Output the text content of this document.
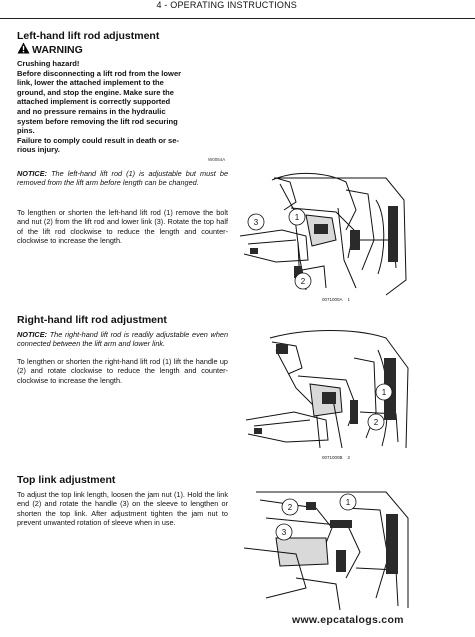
4 - OPERATING INSTRUCTIONS
Left-hand lift rod adjustment
WARNING
Crushing hazard!
Before disconnecting a lift rod from the lower
link, lower the attached implement to the
ground, and stop the engine. Make sure the
attached implement is correctly supported
and no pressure remains in the hydraulic
system before removing the lift rod securing
pins.
Failure to comply could result in death or se-
rious injury.
W0054A
NOTICE: The left-hand lift rod (1) is adjustable but must be removed from the lift arm before length can be changed.
To lengthen or shorten the left-hand lift rod (1) remove the bolt and nut (2) from the lift rod and lower link (3). Rotate the top half of the lift rod clockwise to reduce the length and counter-clockwise to increase the length.
3
1
2
0071000A 1
Right-hand lift rod adjustment
NOTICE: The right-hand lift rod is readily adjustable even when connected between the lift arm and lower link.
To lengthen or shorten the right-hand lift rod (1) lift the handle up (2) and rotate clockwise to reduce the length and counter-clockwise to increase the length.
1
2
0071000B 2
Top link adjustment
To adjust the top link length, loosen the jam nut (1). Hold the link end (2) and rotate the handle (3) on the sleeve to lengthen or shorten the top link. After adjustment tighten the jam nut to prevent unwanted rotation of sleeve when in use.
2
3
1
www.epcatalogs.com
